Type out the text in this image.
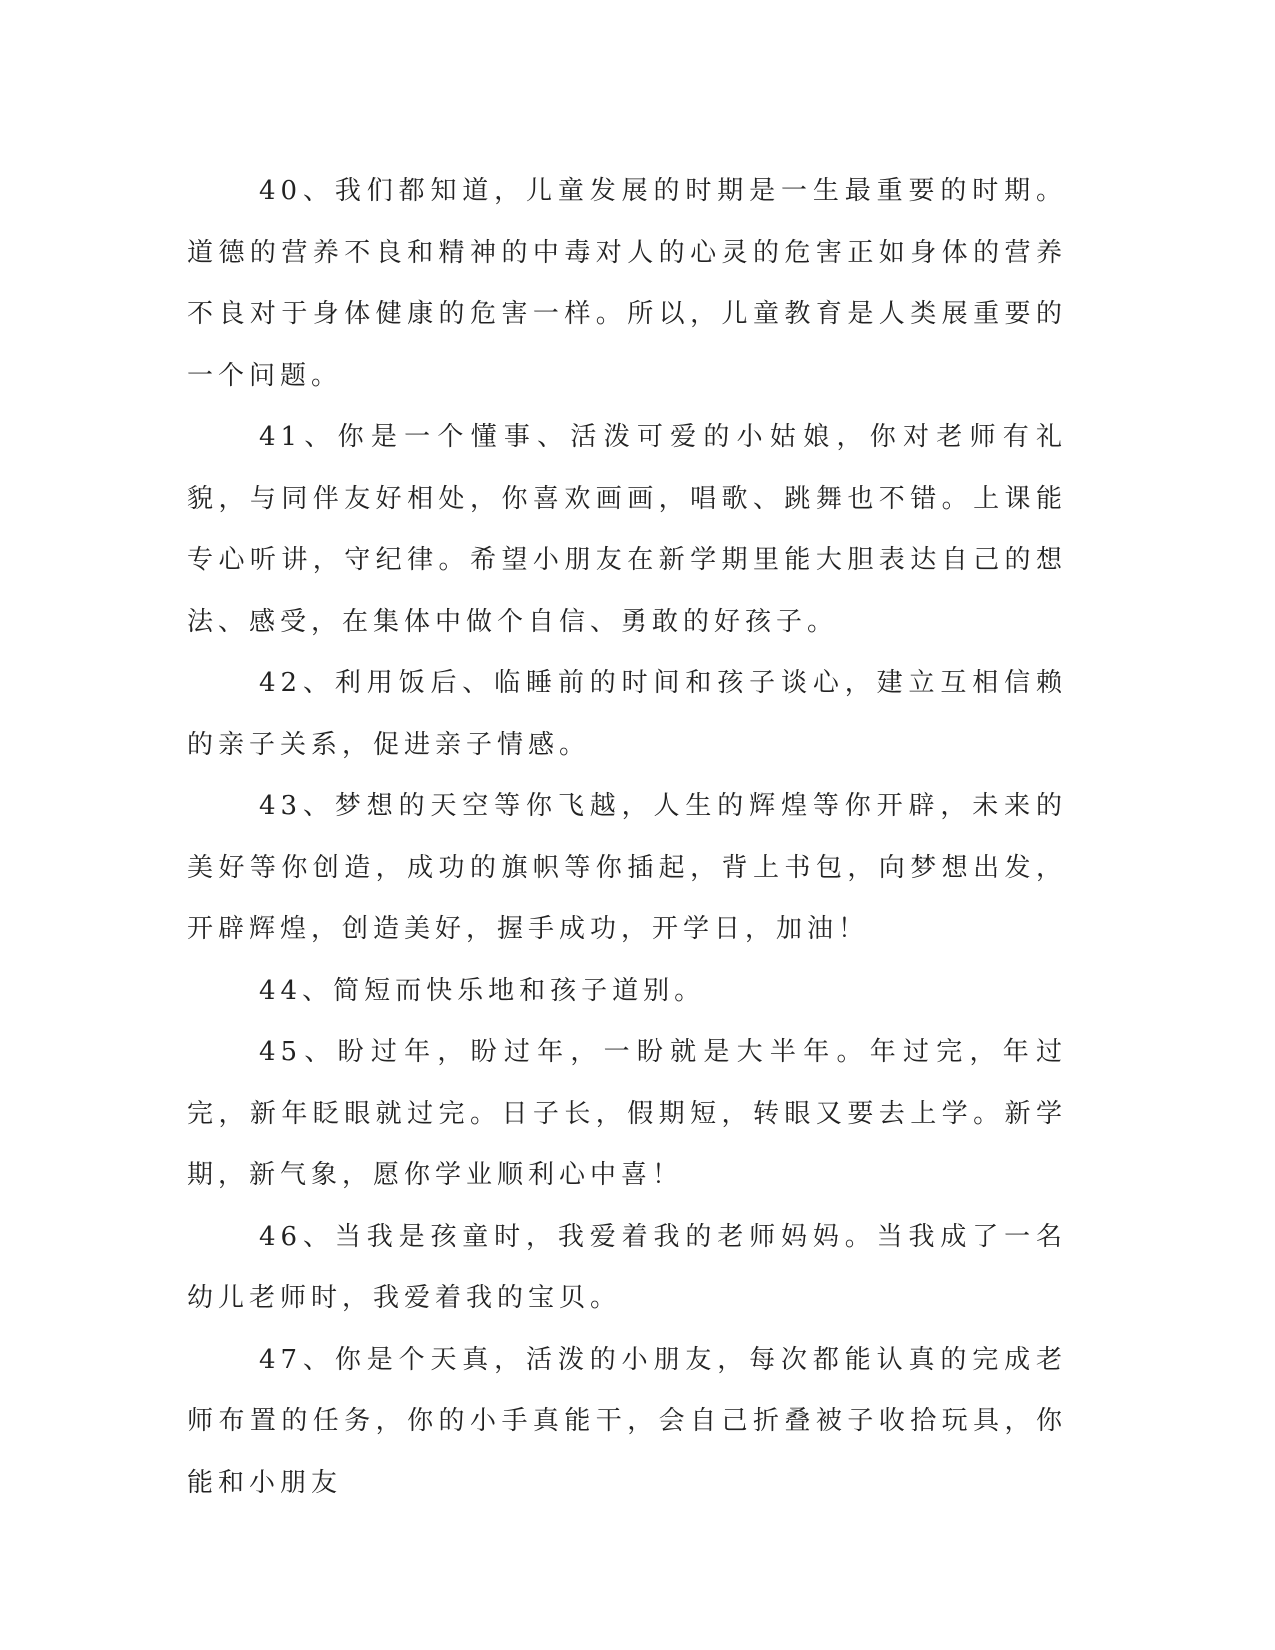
40、我们都知道，儿童发展的时期是一生最重要的时期。道德的营养不良和精神的中毒对人的心灵的危害正如身体的营养不良对于身体健康的危害一样。所以，儿童教育是人类展重要的一个问题。

41、你是一个懂事、活泼可爱的小姑娘，你对老师有礼貌，与同伴友好相处，你喜欢画画，唱歌、跳舞也不错。上课能专心听讲，守纪律。希望小朋友在新学期里能大胆表达自己的想法、感受，在集体中做个自信、勇敢的好孩子。

42、利用饭后、临睡前的时间和孩子谈心，建立互相信赖的亲子关系，促进亲子情感。

43、梦想的天空等你飞越，人生的辉煌等你开辟，未来的美好等你创造，成功的旗帜等你插起，背上书包，向梦想出发，开辟辉煌，创造美好，握手成功，开学日，加油！

44、简短而快乐地和孩子道别。

45、盼过年，盼过年，一盼就是大半年。年过完，年过完，新年眨眼就过完。日子长，假期短，转眼又要去上学。新学期，新气象，愿你学业顺利心中喜！

46、当我是孩童时，我爱着我的老师妈妈。当我成了一名幼儿老师时，我爱着我的宝贝。

47、你是个天真，活泼的小朋友，每次都能认真的完成老师布置的任务，你的小手真能干，会自己折叠被子收拾玩具，你能和小朋友
